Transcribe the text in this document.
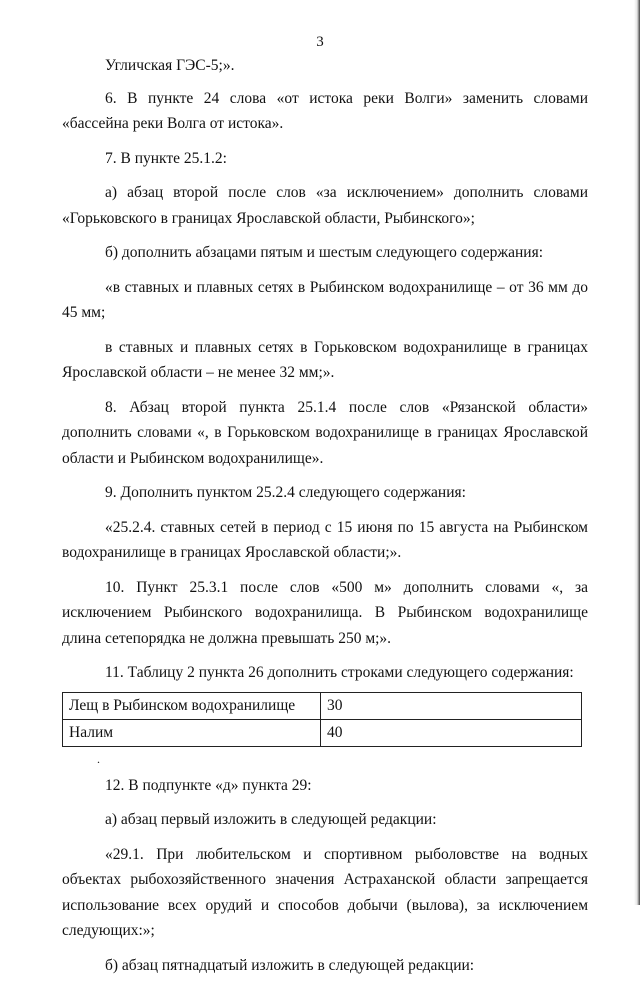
3

Угличская ГЭС-5;».

6. В пункте 24 слова «от истока реки Волги» заменить словами «бассейна реки Волга от истока».

7. В пункте 25.1.2:

а) абзац второй после слов «за исключением» дополнить словами «Горьковского в границах Ярославской области, Рыбинского»;

б) дополнить абзацами пятым и шестым следующего содержания:

«в ставных и плавных сетях в Рыбинском водохранилище – от 36 мм до 45 мм;

в ставных и плавных сетях в Горьковском водохранилище в границах Ярославской области – не менее 32 мм;».

8. Абзац второй пункта 25.1.4 после слов «Рязанской области» дополнить словами «, в Горьковском водохранилище в границах Ярославской области и Рыбинском водохранилище».

9. Дополнить пунктом 25.2.4 следующего содержания:

«25.2.4. ставных сетей в период с 15 июня по 15 августа на Рыбинском водохранилище в границах Ярославской области;».

10. Пункт 25.3.1 после слов «500 м» дополнить словами «, за исключением Рыбинского водохранилища. В Рыбинском водохранилище длина сетепорядка не должна превышать 250 м;».

11. Таблицу 2 пункта 26 дополнить строками следующего содержания:

Лещ в Рыбинском водохранилище	30
Налим	40
.

12. В подпункте «д» пункта 29:

а) абзац первый изложить в следующей редакции:

«29.1. При любительском и спортивном рыболовстве на водных объектах рыбохозяйственного значения Астраханской области запрещается использование всех орудий и способов добычи (вылова), за исключением следующих:»;

б) абзац пятнадцатый изложить в следующей редакции:
